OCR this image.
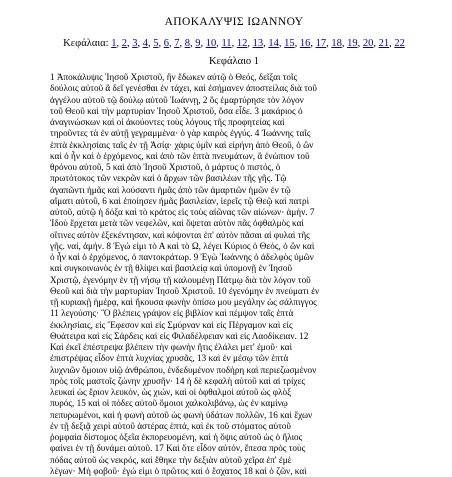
ΑΠΟΚΑΛΥΨΙΣ ΙΩΑΝΝΟΥ
Κεφάλαια: 1, 2, 3, 4, 5, 6, 7, 8, 9, 10, 11, 12, 13, 14, 15, 16, 17, 18, 19, 20, 21, 22
Κεφάλαιο 1
1 Ἀποκάλυψις Ἰησοῦ Χριστοῦ, ἣν ἔδωκεν αὐτῷ ὁ Θεός, δεῖξαι τοῖς
δούλοις αὐτοῦ ἃ δεῖ γενέσθαι ἐν τάχει, καὶ ἐσήμανεν ἀποστείλας διὰ τοῦ
ἀγγέλου αὐτοῦ τῷ δούλῳ αὐτοῦ Ἰωάννῃ, 2 ὃς ἐμαρτύρησε τὸν λόγον
τοῦ Θεοῦ καὶ τὴν μαρτυρίαν Ἰησοῦ Χριστοῦ, ὅσα εἶδε. 3 μακάριος ὁ
ἀναγινώσκων καὶ οἱ ἀκούοντες τοὺς λόγους τῆς προφητείας καὶ
τηροῦντες τὰ ἐν αὐτῇ γεγραμμένα· ὁ γὰρ καιρὸς ἐγγύς. 4 Ἰωάννης ταῖς
ἑπτὰ ἐκκλησίαις ταῖς ἐν τῇ Ἀσίᾳ· χάρις ὑμῖν καὶ εἰρήνη ἀπὸ Θεοῦ, ὁ ὢν
καὶ ὁ ἦν καὶ ὁ ἐρχόμενος, καὶ ἀπὸ τῶν ἑπτὰ πνευμάτων, ἃ ἐνώπιον τοῦ
θρόνου αὐτοῦ, 5 καὶ ἀπὸ Ἰησοῦ Χριστοῦ, ὁ μάρτυς ὁ πιστός, ὁ
πρωτότοκος τῶν νεκρῶν καὶ ὁ ἄρχων τῶν βασιλέων τῆς γῆς. Τῷ
ἀγαπῶντι ἡμᾶς καὶ λούσαντι ἡμᾶς ἀπὸ τῶν ἁμαρτιῶν ἡμῶν ἐν τῷ
αἵματι αὐτοῦ, 6 καὶ ἐποίησεν ἡμᾶς βασιλείαν, ἱερεῖς τῷ Θεῷ καὶ πατρὶ
αὐτοῦ, αὐτῷ ἡ δόξα καὶ τὸ κράτος εἰς τοὺς αἰῶνας τῶν αἰώνων· ἀμήν. 7
Ἰδοὺ ἔρχεται μετὰ τῶν νεφελῶν, καὶ ὄψεται αὐτὸν πᾶς ὀφθαλμὸς καὶ
οἵτινες αὐτὸν ἐξεκέντησαν, καὶ κόψονται ἐπ' αὐτὸν πᾶσαι αἱ φυλαὶ τῆς
γῆς. ναί, ἀμήν. 8 Ἐγώ εἰμι τὸ Α καὶ τὸ Ω, λέγει Κύριος ὁ Θεός, ὁ ὢν καὶ
ὁ ἦν καὶ ὁ ἐρχόμενος, ὁ παντοκράτωρ. 9 Ἐγὼ Ἰωάννης ὁ ἀδελφὸς ὑμῶν
καὶ συγκοινωνὸς ἐν τῇ θλίψει καὶ βασιλείᾳ καὶ ὑπομονῇ ἐν Ἰησοῦ
Χριστῷ, ἐγενόμην ἐν τῇ νήσῳ τῇ καλουμένῃ Πάτμῳ διὰ τὸν λόγον τοῦ
Θεοῦ καὶ διὰ τὴν μαρτυρίαν Ἰησοῦ Χριστοῦ. 10 ἐγενόμην ἐν πνεύματι ἐν
τῇ κυριακῇ ἡμέρᾳ, καὶ ἤκουσα φωνὴν ὀπίσω μου μεγάλην ὡς σάλπιγγος
11 λεγούσης· Ὃ βλέπεις γράψον εἰς βιβλίον καὶ πέμψον ταῖς ἑπτὰ
ἐκκλησίαις, εἰς Ἔφεσον καὶ εἰς Σμύρναν καὶ εἰς Πέργαμον καὶ εἰς
Θυάτειρα καὶ εἰς Σάρδεις καὶ εἰς Φιλαδέλφειαν καὶ εἰς Λαοδίκειαν. 12
Καὶ ἐκεῖ ἐπέστρεψα βλέπειν τὴν φωνὴν ἥτις ἐλάλει μετ' ἐμοῦ· καὶ
ἐπιστρέψας εἶδον ἑπτὰ λυχνίας χρυσᾶς, 13 καὶ ἐν μέσῳ τῶν ἑπτὰ
λυχνιῶν ὅμοιον υἱῷ ἀνθρώπου, ἐνδεδυμένον ποδήρη καὶ περιεζωσμένον
πρὸς τοῖς μαστοῖς ζώνην χρυσῆν· 14 ἡ δὲ κεφαλὴ αὐτοῦ καὶ αἱ τρίχες
λευκαὶ ὡς ἔριον λευκόν, ὡς χιών, καὶ οἱ ὀφθαλμοὶ αὐτοῦ ὡς φλὸξ
πυρός, 15 καὶ οἱ πόδες αὐτοῦ ὅμοιοι χαλκολιβάνῳ, ὡς ἐν καμίνῳ
πεπυρωμένοι, καὶ ἡ φωνὴ αὐτοῦ ὡς φωνὴ ὑδάτων πολλῶν, 16 καὶ ἔχων
ἐν τῇ δεξιᾷ χειρὶ αὐτοῦ ἀστέρας ἑπτά, καὶ ἐκ τοῦ στόματος αὐτοῦ
ῥομφαία δίστομος ὀξεῖα ἐκπορευομένη, καὶ ἡ ὄψις αὐτοῦ ὡς ὁ ἥλιος
φαίνει ἐν τῇ δυνάμει αὐτοῦ. 17 Καὶ ὅτε εἶδον αὐτόν, ἔπεσα πρὸς τοὺς
πόδας αὐτοῦ ὡς νεκρός, καὶ ἔθηκε τὴν δεξιὰν αὐτοῦ χεῖρα ἐπ' ἐμὲ
λέγων· Μὴ φοβοῦ· ἐγώ εἰμι ὁ πρῶτος καὶ ὁ ἔσχατος 18 καὶ ὁ ζῶν, καὶ
